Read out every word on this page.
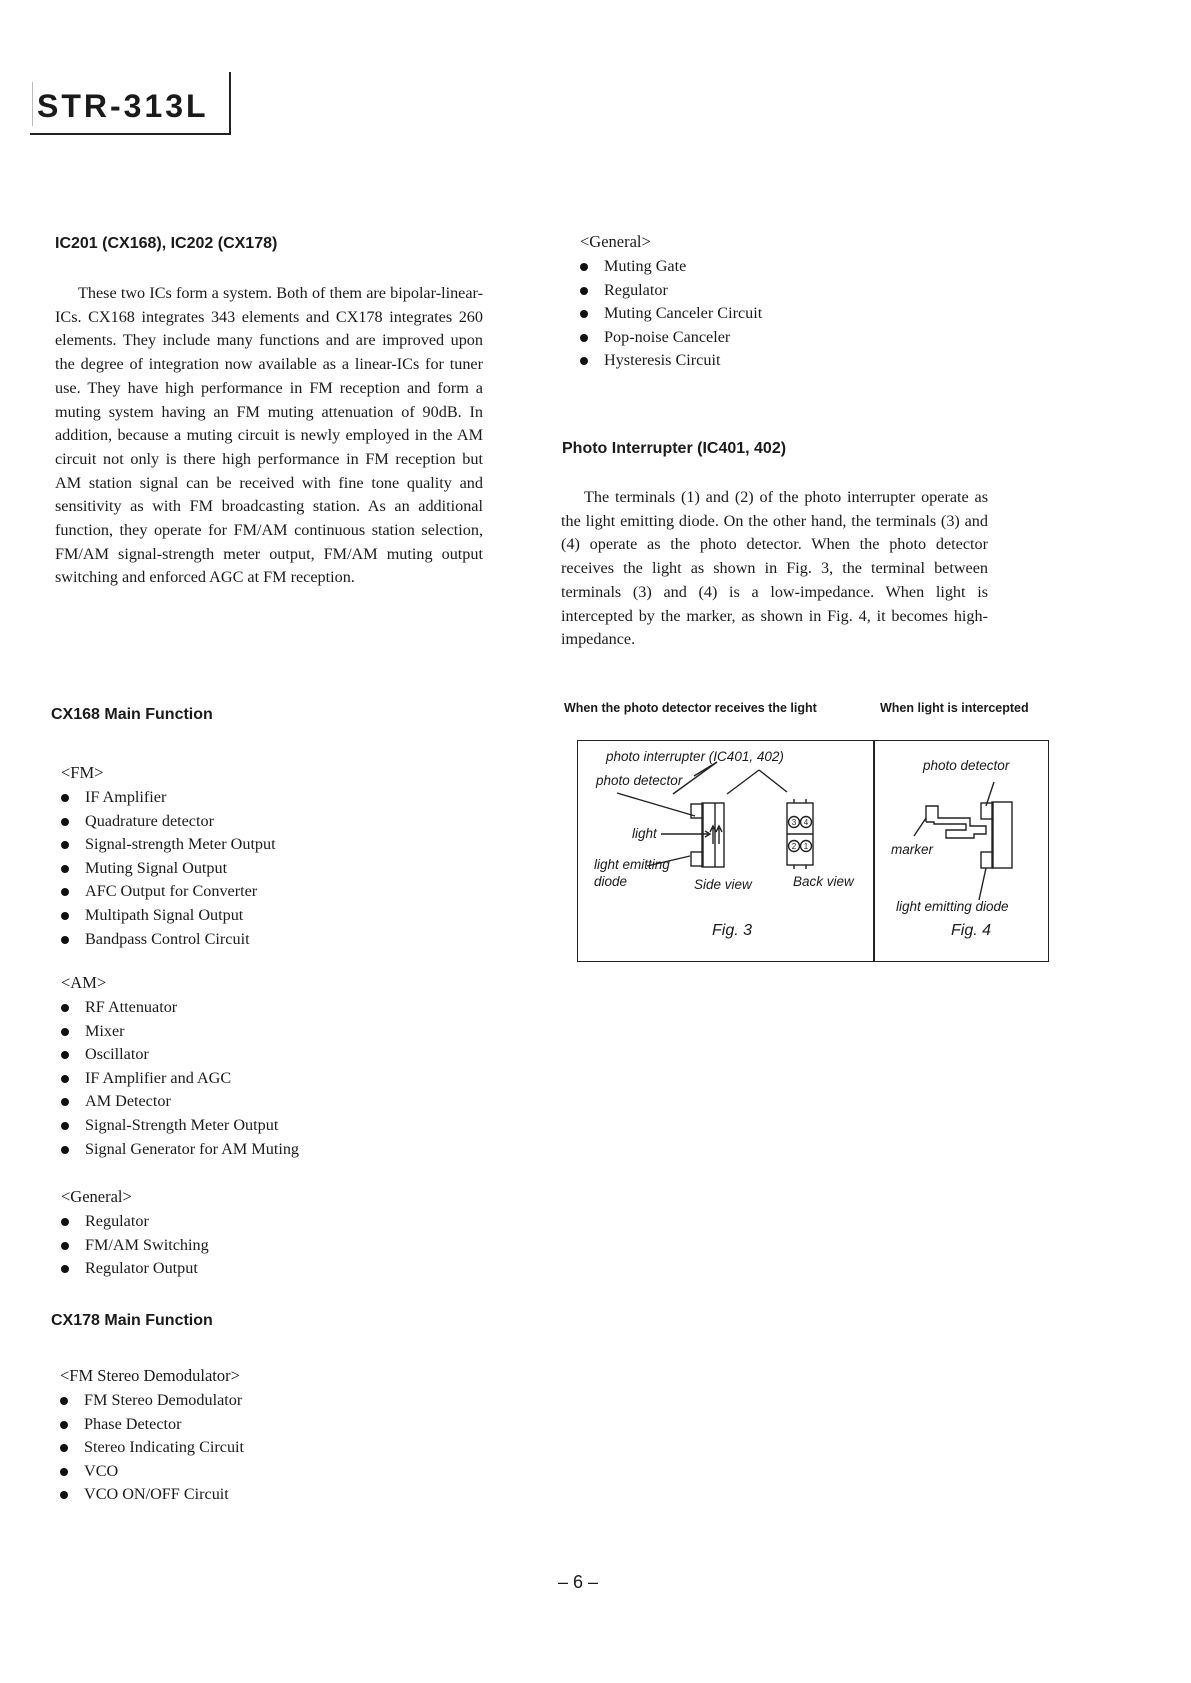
STR-313L
IC201 (CX168), IC202 (CX178)

These two ICs form a system. Both of them are bipolar-linear-ICs. CX168 integrates 343 elements and CX178 integrates 260 elements. They include many functions and are improved upon the degree of integration now available as a linear-ICs for tuner use. They have high performance in FM reception and form a muting system having an FM muting attenuation of 90dB. In addition, because a muting circuit is newly employed in the AM circuit not only is there high performance in FM reception but AM station signal can be received with fine tone quality and sensitivity as with FM broadcasting station. As an additional function, they operate for FM/AM continuous station selection, FM/AM signal-strength meter output, FM/AM muting output switching and enforced AGC at FM reception.

CX168 Main Function
<FM>
IF Amplifier
Quadrature detector
Signal-strength Meter Output
Muting Signal Output
AFC Output for Converter
Multipath Signal Output
Bandpass Control Circuit
<AM>
RF Attenuator
Mixer
Oscillator
IF Amplifier and AGC
AM Detector
Signal-Strength Meter Output
Signal Generator for AM Muting
<General>
Regulator
FM/AM Switching
Regulator Output
CX178 Main Function
<FM Stereo Demodulator>
FM Stereo Demodulator
Phase Detector
Stereo Indicating Circuit
VCO
VCO ON/OFF Circuit
<General>
Muting Gate
Regulator
Muting Canceler Circuit
Pop-noise Canceler
Hysteresis Circuit
Photo Interrupter (IC401, 402)

The terminals (1) and (2) of the photo interrupter operate as the light emitting diode. On the other hand, the terminals (3) and (4) operate as the photo detector. When the photo detector receives the light as shown in Fig. 3, the terminal between terminals (3) and (4) is a low-impedance. When light is intercepted by the marker, as shown in Fig. 4, it becomes high-impedance.

When the photo detector receives the light	When light is intercepted
3 4
2 1
photo interrupter (IC401, 402)
photo detector
light
light emitting
diode	Side view	Back view
Fig. 3
photo detector
marker
light emitting diode
Fig. 4
– 6 –
